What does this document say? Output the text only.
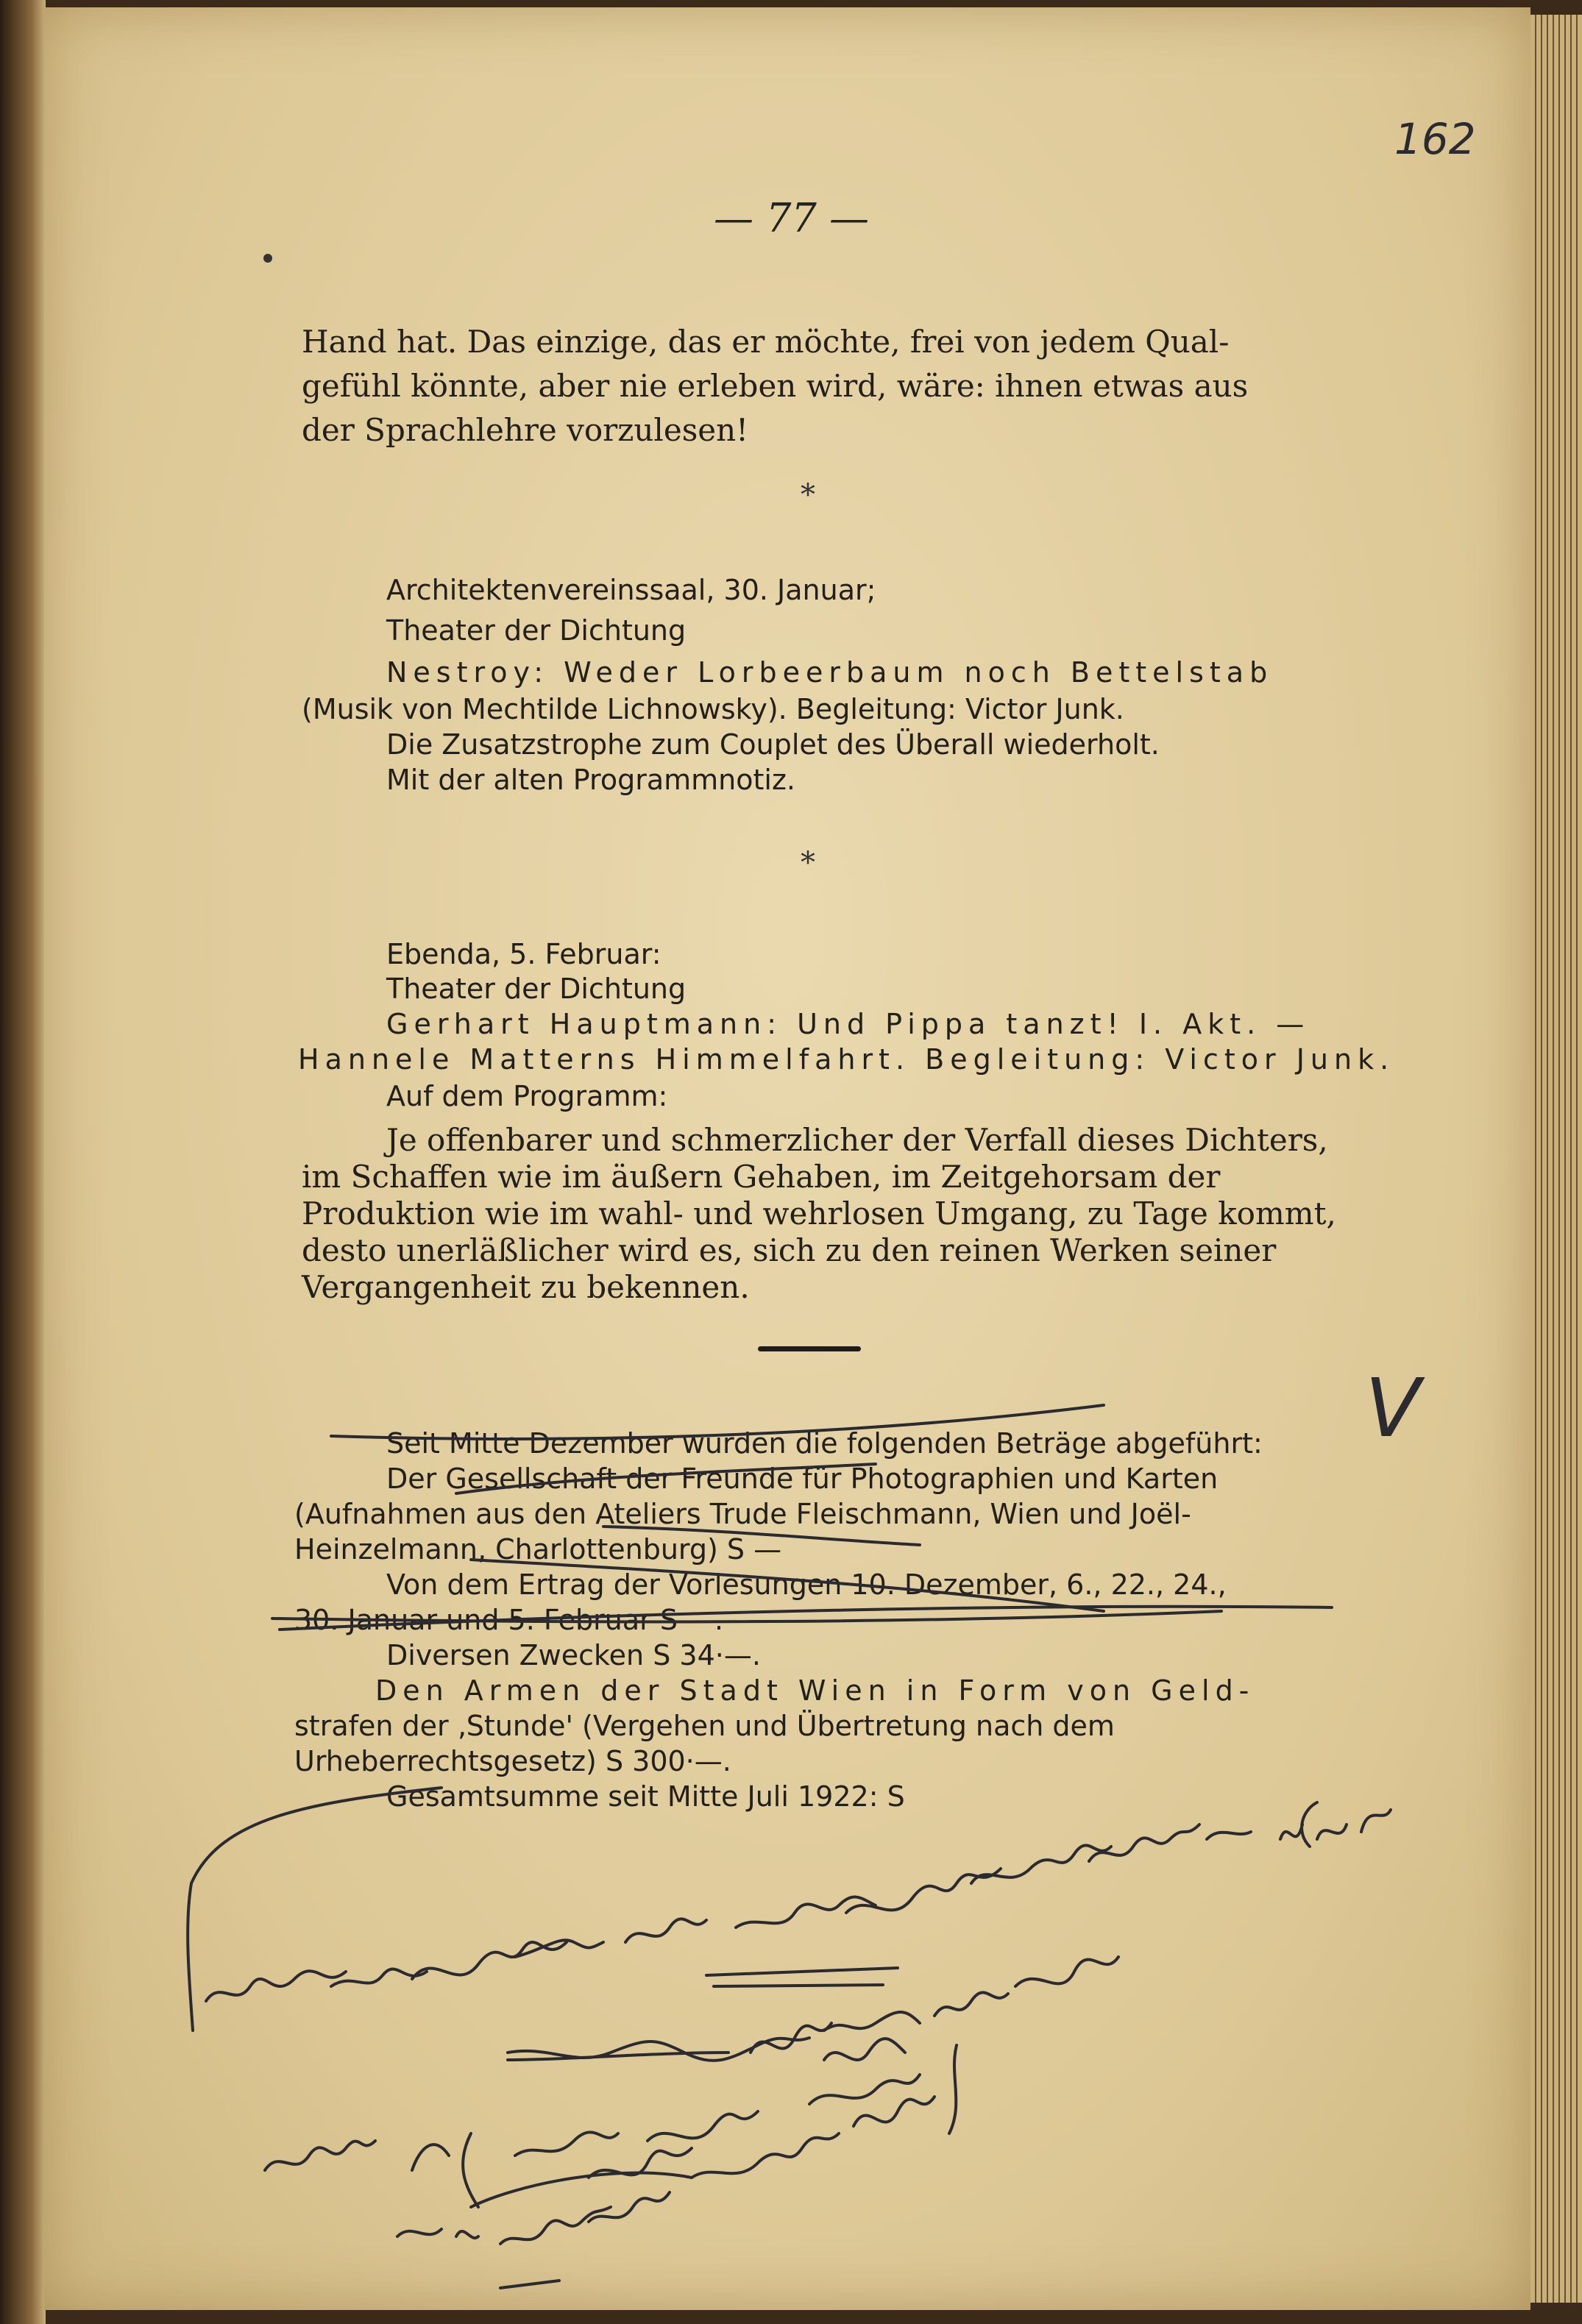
162
— 77 —
Hand hat. Das einzige, das er möchte, frei von jedem Qual-
gefühl könnte, aber nie erleben wird, wäre: ihnen etwas aus
der Sprachlehre vorzulesen!
*
Architektenvereinssaal, 30. Januar;
Theater der Dichtung
Nestroy: Weder Lorbeerbaum noch Bettelstab
(Musik von Mechtilde Lichnowsky). Begleitung: Victor Junk.
Die Zusatzstrophe zum Couplet des Überall wiederholt.
Mit der alten Programmnotiz.
*
Ebenda, 5. Februar:
Theater der Dichtung
Gerhart Hauptmann: Und Pippa tanzt! I. Akt. —
Hannele Matterns Himmelfahrt. Begleitung: Victor Junk.
Auf dem Programm:
Je offenbarer und schmerzlicher der Verfall dieses Dichters,
im Schaffen wie im äußern Gehaben, im Zeitgehorsam der
Produktion wie im wahl- und wehrlosen Umgang, zu Tage kommt,
desto unerläßlicher wird es, sich zu den reinen Werken seiner
Vergangenheit zu bekennen.
Seit Mitte Dezember wurden die folgenden Beträge abgeführt:
Der Gesellschaft der Freunde für Photographien und Karten
(Aufnahmen aus den Ateliers Trude Fleischmann, Wien und Joël-
Heinzelmann, Charlottenburg) S —
Von dem Ertrag der Vorlesungen 10. Dezember, 6., 22., 24.,
30. Januar und 5. Februar S —.
Diversen Zwecken S 34·—.
Den Armen der Stadt Wien in Form von Geld-
strafen der ‚Stunde' (Vergehen und Übertretung nach dem
Urheberrechtsgesetz) S 300·—.
Gesamtsumme seit Mitte Juli 1922: S
V
